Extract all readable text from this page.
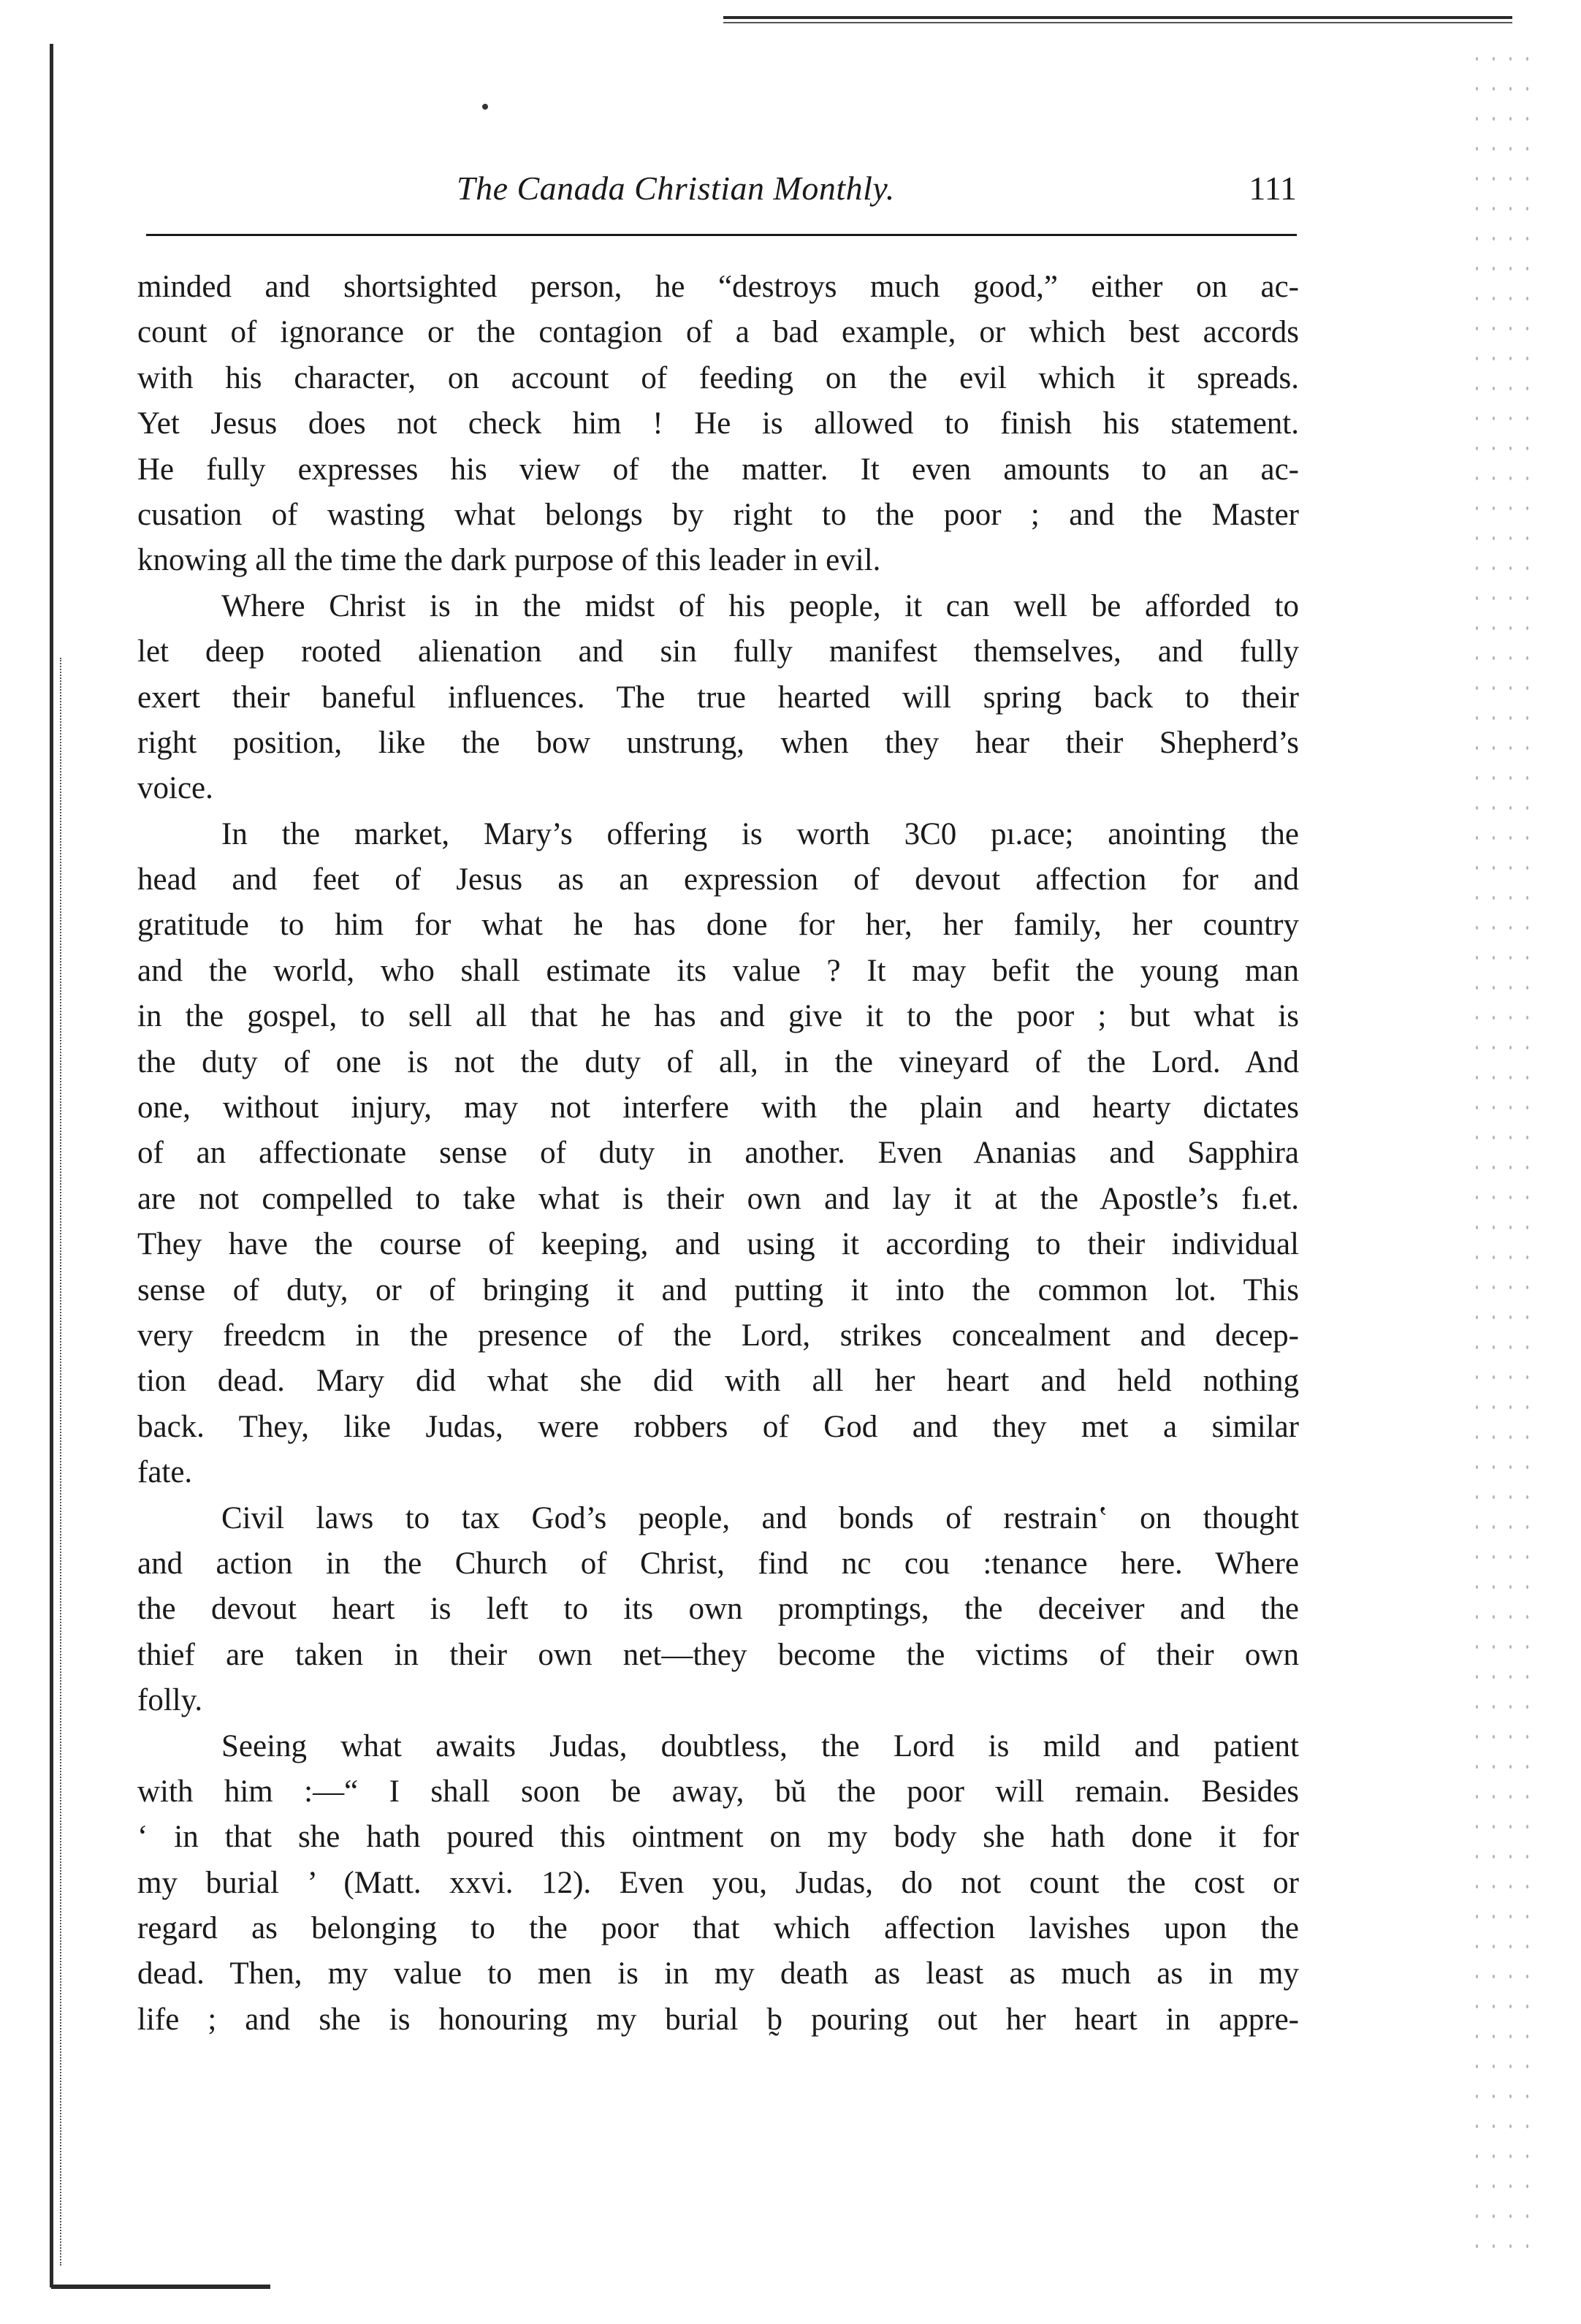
The Canada Christian Monthly.	111
minded and shortsighted person, he “destroys much good,” either on ac-
count of ignorance or the contagion of a bad example, or which best accords
with his character, on account of feeding on the evil which it spreads.
Yet Jesus does not check him ! He is allowed to finish his statement.
He fully expresses his view of the matter. It even amounts to an ac-
cusation of wasting what belongs by right to the poor ; and the Master
knowing all the time the dark purpose of this leader in evil.
Where Christ is in the midst of his people, it can well be afforded to
let deep rooted alienation and sin fully manifest themselves, and fully
exert their baneful influences. The true hearted will spring back to their
right position, like the bow unstrung, when they hear their Shepherd’s
voice.
In the market, Mary’s offering is worth 3C0 pı.ace; anointing the
head and feet of Jesus as an expression of devout affection for and
gratitude to him for what he has done for her, her family, her country
and the world, who shall estimate its value ? It may befit the young man
in the gospel, to sell all that he has and give it to the poor ; but what is
the duty of one is not the duty of all, in the vineyard of the Lord. And
one, without injury, may not interfere with the plain and hearty dictates
of an affectionate sense of duty in another. Even Ananias and Sapphira
are not compelled to take what is their own and lay it at the Apostle’s fı.et.
They have the course of keeping, and using it according to their individual
sense of duty, or of bringing it and putting it into the common lot. This
very freedcm in the presence of the Lord, strikes concealment and decep-
tion dead. Mary did what she did with all her heart and held nothing
back. They, like Judas, were robbers of God and they met a similar
fate.
Civil laws to tax God’s people, and bonds of restrainʽ on thought
and action in the Church of Christ, find nc cou :tenance here. Where
the devout heart is left to its own promptings, the deceiver and the
thief are taken in their own net—they become the victims of their own
folly.
Seeing what awaits Judas, doubtless, the Lord is mild and patient
with him :—“ I shall soon be away, bŭ the poor will remain. Besides
‘ in that she hath poured this ointment on my body she hath done it for
my burial ’ (Matt. xxvi. 12). Even you, Judas, do not count the cost or
regard as belonging to the poor that which affection lavishes upon the
dead. Then, my value to men is in my death as least as much as in my
life ; and she is honouring my burial b̰ pouring out her heart in appre-
